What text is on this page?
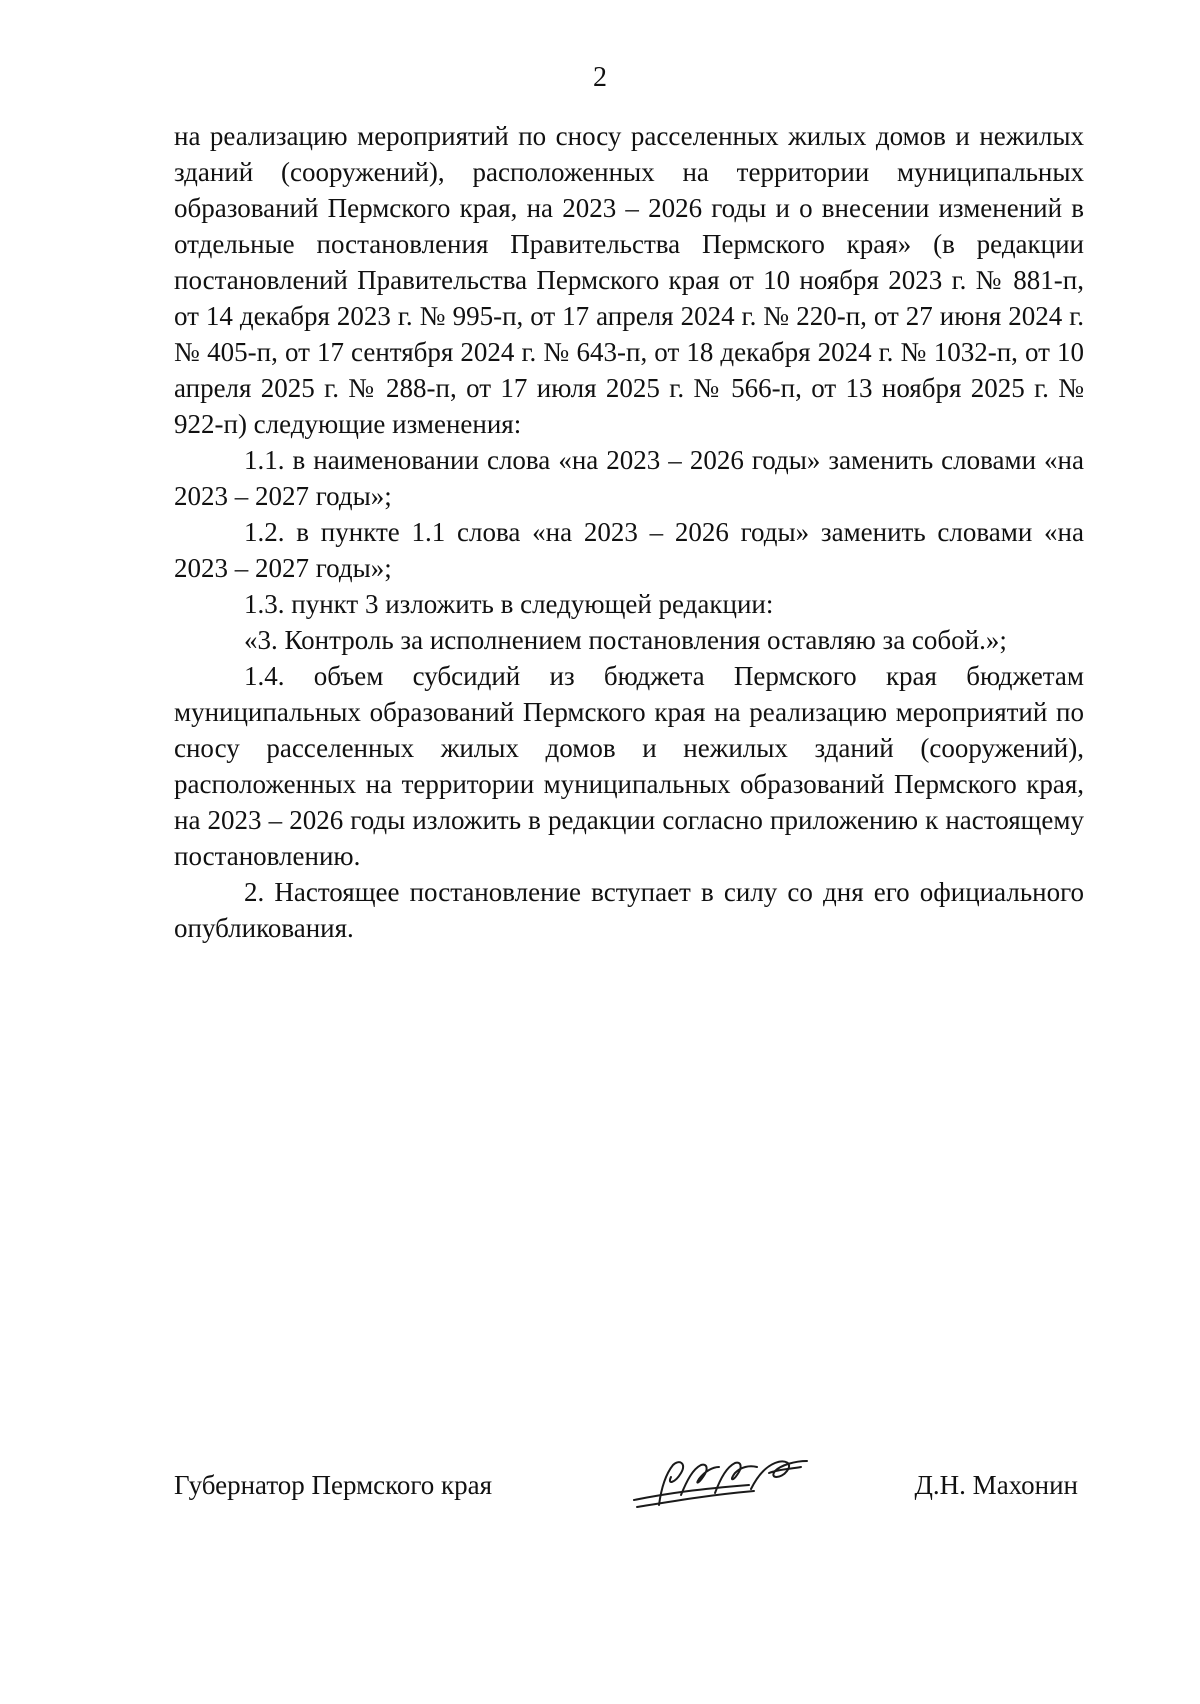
2

на реализацию мероприятий по сносу расселенных жилых домов и нежилых зданий (сооружений), расположенных на территории муниципальных образований Пермского края, на 2023 – 2026 годы и о внесении изменений в отдельные постановления Правительства Пермского края» (в редакции постановлений Правительства Пермского края от 10 ноября 2023 г. № 881-п, от 14 декабря 2023 г. № 995-п, от 17 апреля 2024 г. № 220-п, от 27 июня 2024 г. № 405-п, от 17 сентября 2024 г. № 643-п, от 18 декабря 2024 г. № 1032-п, от 10 апреля 2025 г. № 288-п, от 17 июля 2025 г. № 566-п, от 13 ноября 2025 г. № 922-п) следующие изменения:

1.1. в наименовании слова «на 2023 – 2026 годы» заменить словами «на 2023 – 2027 годы»;

1.2. в пункте 1.1 слова «на 2023 – 2026 годы» заменить словами «на 2023 – 2027 годы»;

1.3. пункт 3 изложить в следующей редакции:

«3. Контроль за исполнением постановления оставляю за собой.»;

1.4. объем субсидий из бюджета Пермского края бюджетам муниципальных образований Пермского края на реализацию мероприятий по сносу расселенных жилых домов и нежилых зданий (сооружений), расположенных на территории муниципальных образований Пермского края, на 2023 – 2026 годы изложить в редакции согласно приложению к настоящему постановлению.

2. Настоящее постановление вступает в силу со дня его официального опубликования.

Губернатор Пермского края	Д.Н. Махонин
